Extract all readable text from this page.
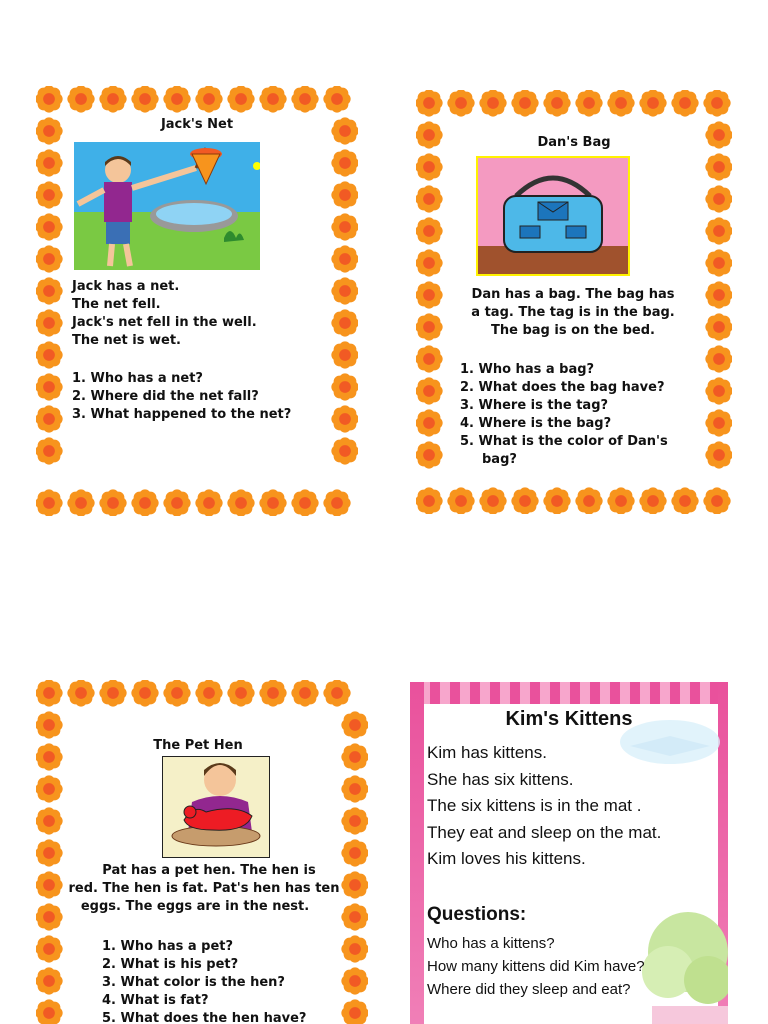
Jack's Net
Jack has a net.
The net fell.
Jack's net fell in the well.
The net is wet.
1. Who has a net?
2. Where did the net fall?
3. What happened to the net?
Dan's Bag
Dan has a bag. The bag has
a tag. The tag is in the bag.
The bag is on the bed.
1. Who has a bag?
2. What does the bag have?
3. Where is the tag?
4. Where is the bag?
5. What is the color of Dan's
bag?
The Pet Hen
Pat has a pet hen. The hen is
red. The hen is fat. Pat's hen has ten
eggs. The eggs are in the nest.
1. Who has a pet?
2. What is his pet?
3. What color is the hen?
4. What is fat?
5. What does the hen have?
Kim's Kittens
Kim has kittens.
She has six kittens.
The six kittens is in the mat .
They eat and sleep on the mat.
Kim loves his kittens.
Questions:
Who has a kittens?
How many kittens did Kim have?
Where did they sleep and eat?
